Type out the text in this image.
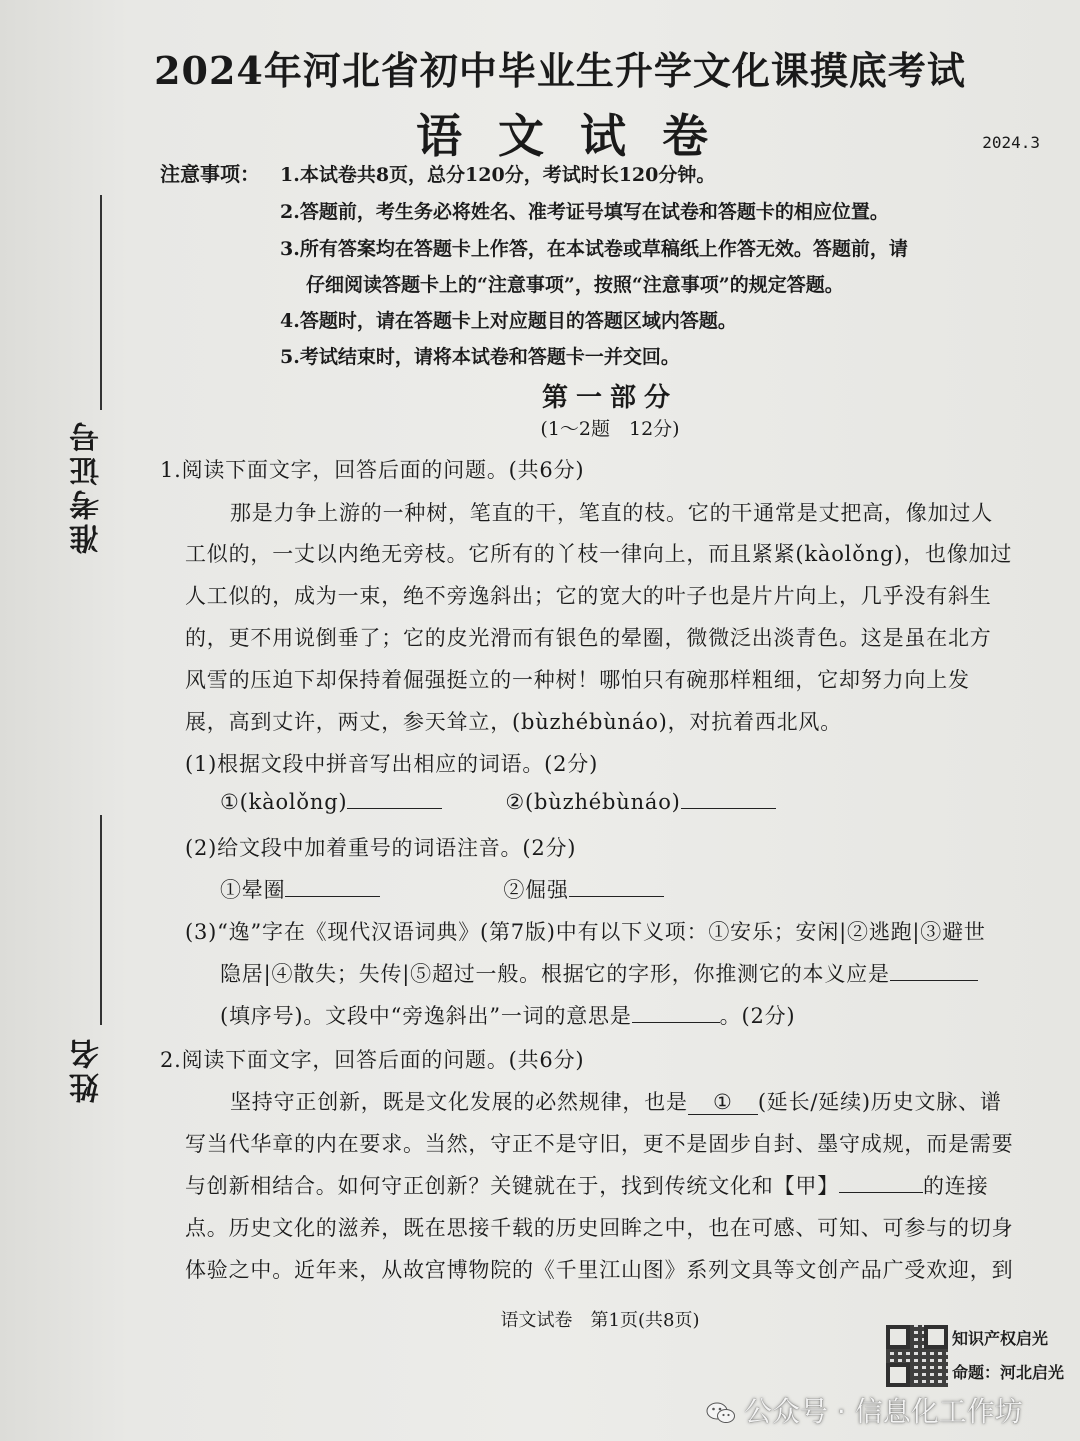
准考证号
姓名
2024年河北省初中毕业生升学文化课摸底考试
语文试卷	2024.3
注意事项： 1.本试卷共8页，总分120分，考试时长120分钟。
2.答题前，考生务必将姓名、准考证号填写在试卷和答题卡的相应位置。
3.所有答案均在答题卡上作答，在本试卷或草稿纸上作答无效。答题前，请
仔细阅读答题卡上的“注意事项”，按照“注意事项”的规定答题。
4.答题时，请在答题卡上对应题目的答题区域内答题。
5.考试结束时，请将本试卷和答题卡一并交回。
第一部分
(1～2题　12分)
1.阅读下面文字，回答后面的问题。(共6分)
那是力争上游的一种树，笔直的干，笔直的枝。它的干通常是丈把高，像加过人
工似的，一丈以内绝无旁枝。它所有的丫枝一律向上，而且紧紧(kàolǒng)，也像加过
人工似的，成为一束，绝不旁逸斜出；它的宽大的叶子也是片片向上，几乎没有斜生
的，更不用说倒垂了；它的皮光滑而有银色的晕圈，微微泛出淡青色。这是虽在北方
风雪的压迫下却保持着倔强挺立的一种树！哪怕只有碗那样粗细，它却努力向上发
展，高到丈许，两丈，参天耸立，(bùzhébùnáo)，对抗着西北风。
(1)根据文段中拼音写出相应的词语。(2分)
①(kàolǒng)	②(bùzhébùnáo)
(2)给文段中加着重号的词语注音。(2分)
①晕圈	②倔强
(3)“逸”字在《现代汉语词典》(第7版)中有以下义项：①安乐；安闲|②逃跑|③避世
隐居|④散失；失传|⑤超过一般。根据它的字形，你推测它的本义应是
(填序号)。文段中“旁逸斜出”一词的意思是	。(2分)
2.阅读下面文字，回答后面的问题。(共6分)
坚持守正创新，既是文化发展的必然规律，也是 ① (延长/延续)历史文脉、谱
写当代华章的内在要求。当然，守正不是守旧，更不是固步自封、墨守成规，而是需要
与创新相结合。如何守正创新？关键就在于，找到传统文化和【甲】	的连接
点。历史文化的滋养，既在思接千载的历史回眸之中，也在可感、可知、可参与的切身
体验之中。近年来，从故宫博物院的《千里江山图》系列文具等文创产品广受欢迎，到
语文试卷　第1页(共8页)
知识产权启光
命题：河北启光
公众号 · 信息化工作坊
